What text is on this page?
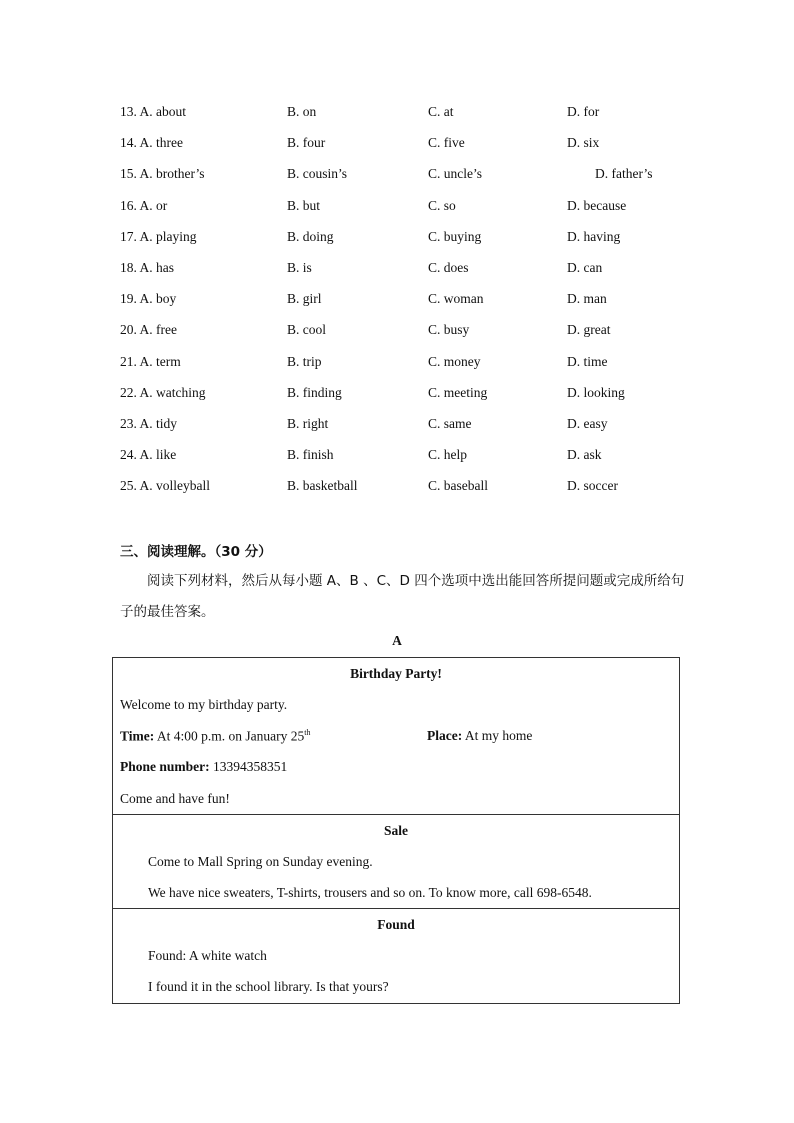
13. A. about	B. on	C. at	D. for
14. A. three	B. four	C. five	D. six
15. A. brother’s	B. cousin’s	C. uncle’s	D. father’s
16. A. or	B. but	C. so	D. because
17. A. playing	B. doing	C. buying	D. having
18. A. has	B. is	C. does	D. can
19. A. boy	B. girl	C. woman	D. man
20. A. free	B. cool	C. busy	D. great
21. A. term	B. trip	C. money	D. time
22. A. watching	B. finding	C. meeting	D. looking
23. A. tidy	B. right	C. same	D. easy
24. A. like	B. finish	C. help	D. ask
25. A. volleyball	B. basketball	C. baseball	D. soccer
三、阅读理解。（30 分）
阅读下列材料，然后从每小题 A、B 、C、D 四个选项中选出能回答所提问题或完成所给句子的最佳答案。
A
Birthday Party!
Welcome to my birthday party.
Time: At 4:00 p.m. on January 25th	Place: At my home
Phone number: 13394358351
Come and have fun!
Sale
Come to Mall Spring on Sunday evening.
We have nice sweaters, T-shirts, trousers and so on. To know more, call 698-6548.
Found
Found: A white watch
I found it in the school library. Is that yours?
